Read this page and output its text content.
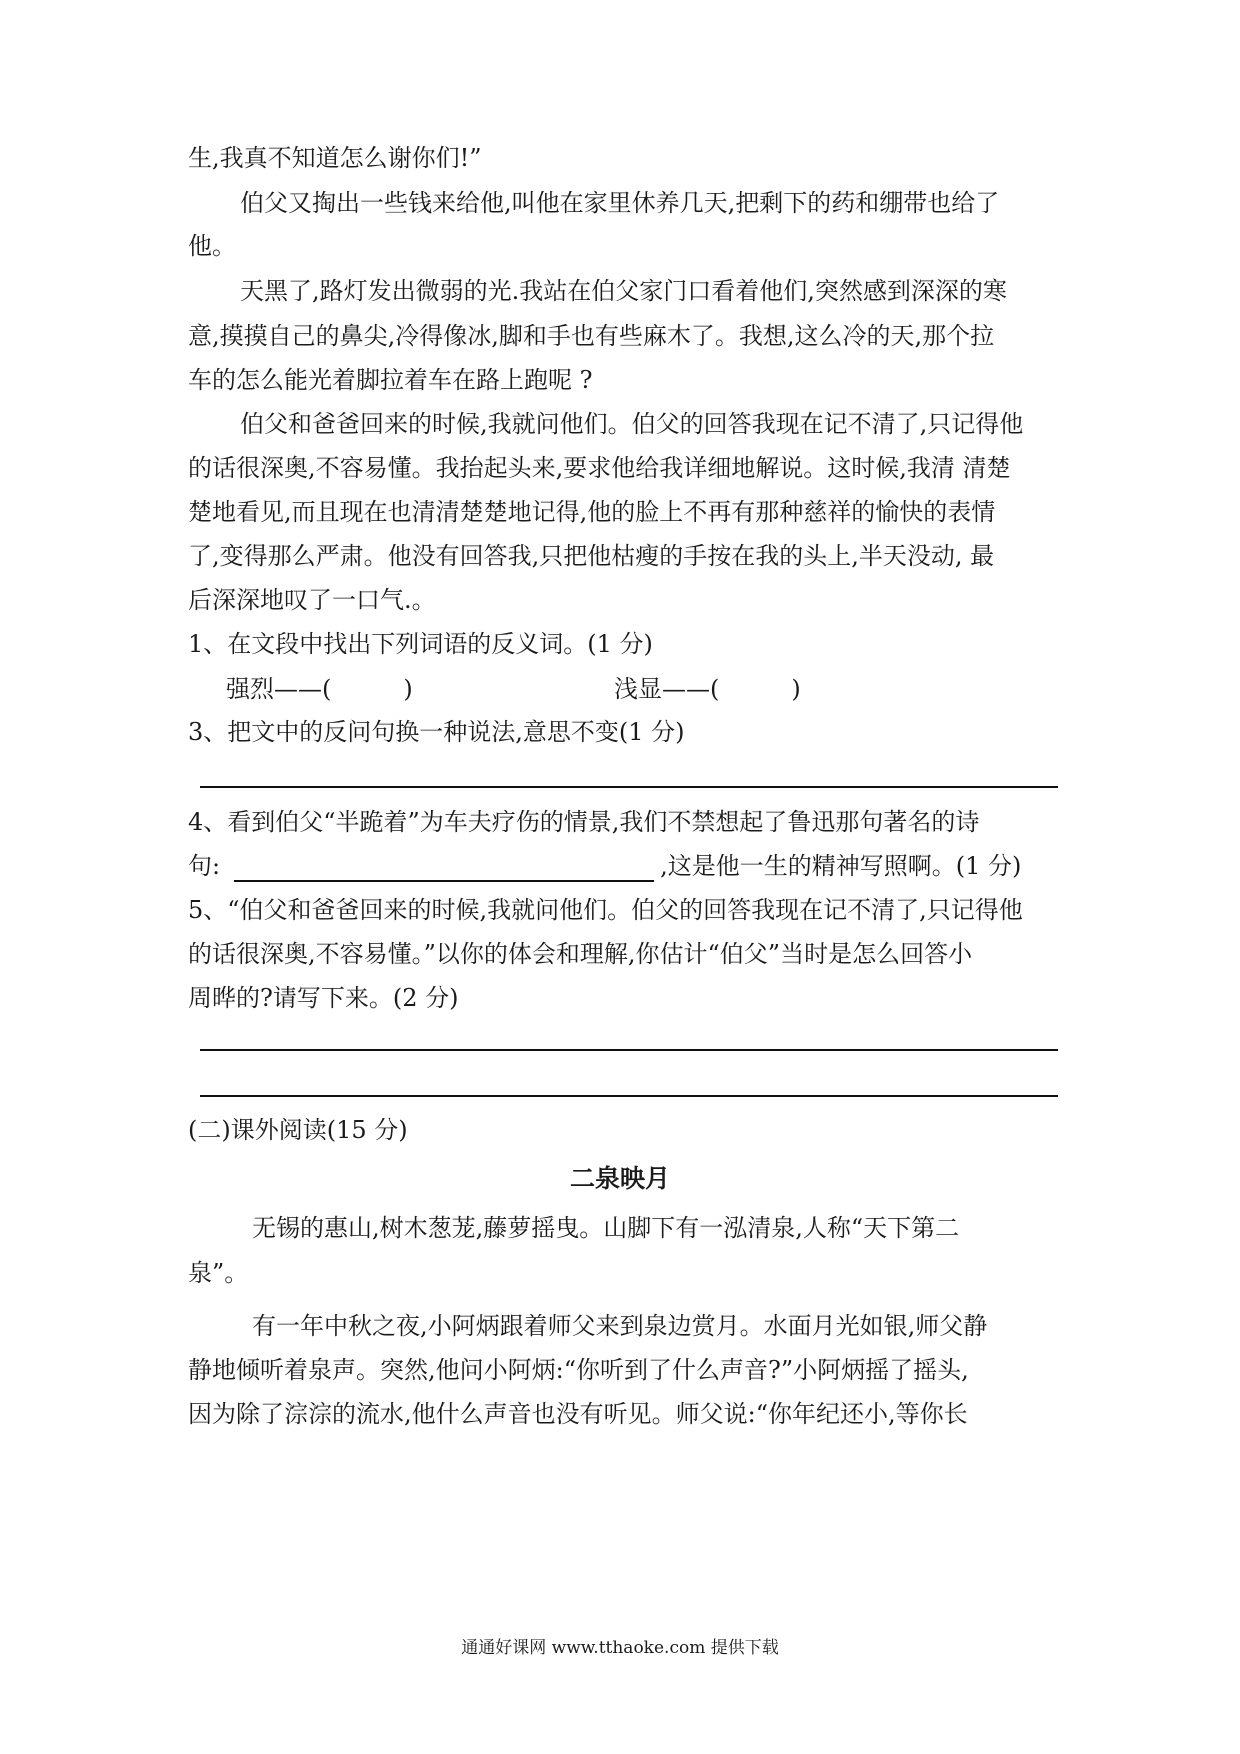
生,我真不知道怎么谢你们!”
伯父又掏出一些钱来给他,叫他在家里休养几天,把剩下的药和绷带也给了
他。
天黑了,路灯发出微弱的光.我站在伯父家门口看着他们,突然感到深深的寒
意,摸摸自己的鼻尖,冷得像冰,脚和手也有些麻木了。我想,这么冷的天,那个拉
车的怎么能光着脚拉着车在路上跑呢 ?
伯父和爸爸回来的时候,我就问他们。伯父的回答我现在记不清了,只记得他
的话很深奥,不容易懂。我抬起头来,要求他给我详细地解说。这时候,我清 清楚
楚地看见,而且现在也清清楚楚地记得,他的脸上不再有那种慈祥的愉快的表情
了,变得那么严肃。他没有回答我,只把他枯瘦的手按在我的头上,半天没动, 最
后深深地叹了一口气.。
1、在文段中找出下列词语的反义词。(1 分)
强烈——(　　　)	浅显——(　　　)
3、把文中的反问句换一种说法,意思不变(1 分)
4、看到伯父“半跪着”为车夫疗伤的情景,我们不禁想起了鲁迅那句著名的诗
句:	,这是他一生的精神写照啊。(1 分)
5、“伯父和爸爸回来的时候,我就问他们。伯父的回答我现在记不清了,只记得他
的话很深奥,不容易懂。”以你的体会和理解,你估计“伯父”当时是怎么回答小
周晔的?请写下来。(2 分)
(二)课外阅读(15 分)
二泉映月
无锡的惠山,树木葱茏,藤萝摇曳。山脚下有一泓清泉,人称“天下第二
泉”。
有一年中秋之夜,小阿炳跟着师父来到泉边赏月。水面月光如银,师父静
静地倾听着泉声。突然,他问小阿炳:“你听到了什么声音?”小阿炳摇了摇头,
因为除了淙淙的流水,他什么声音也没有听见。师父说:“你年纪还小,等你长
通通好课网 www.tthaoke.com 提供下载
